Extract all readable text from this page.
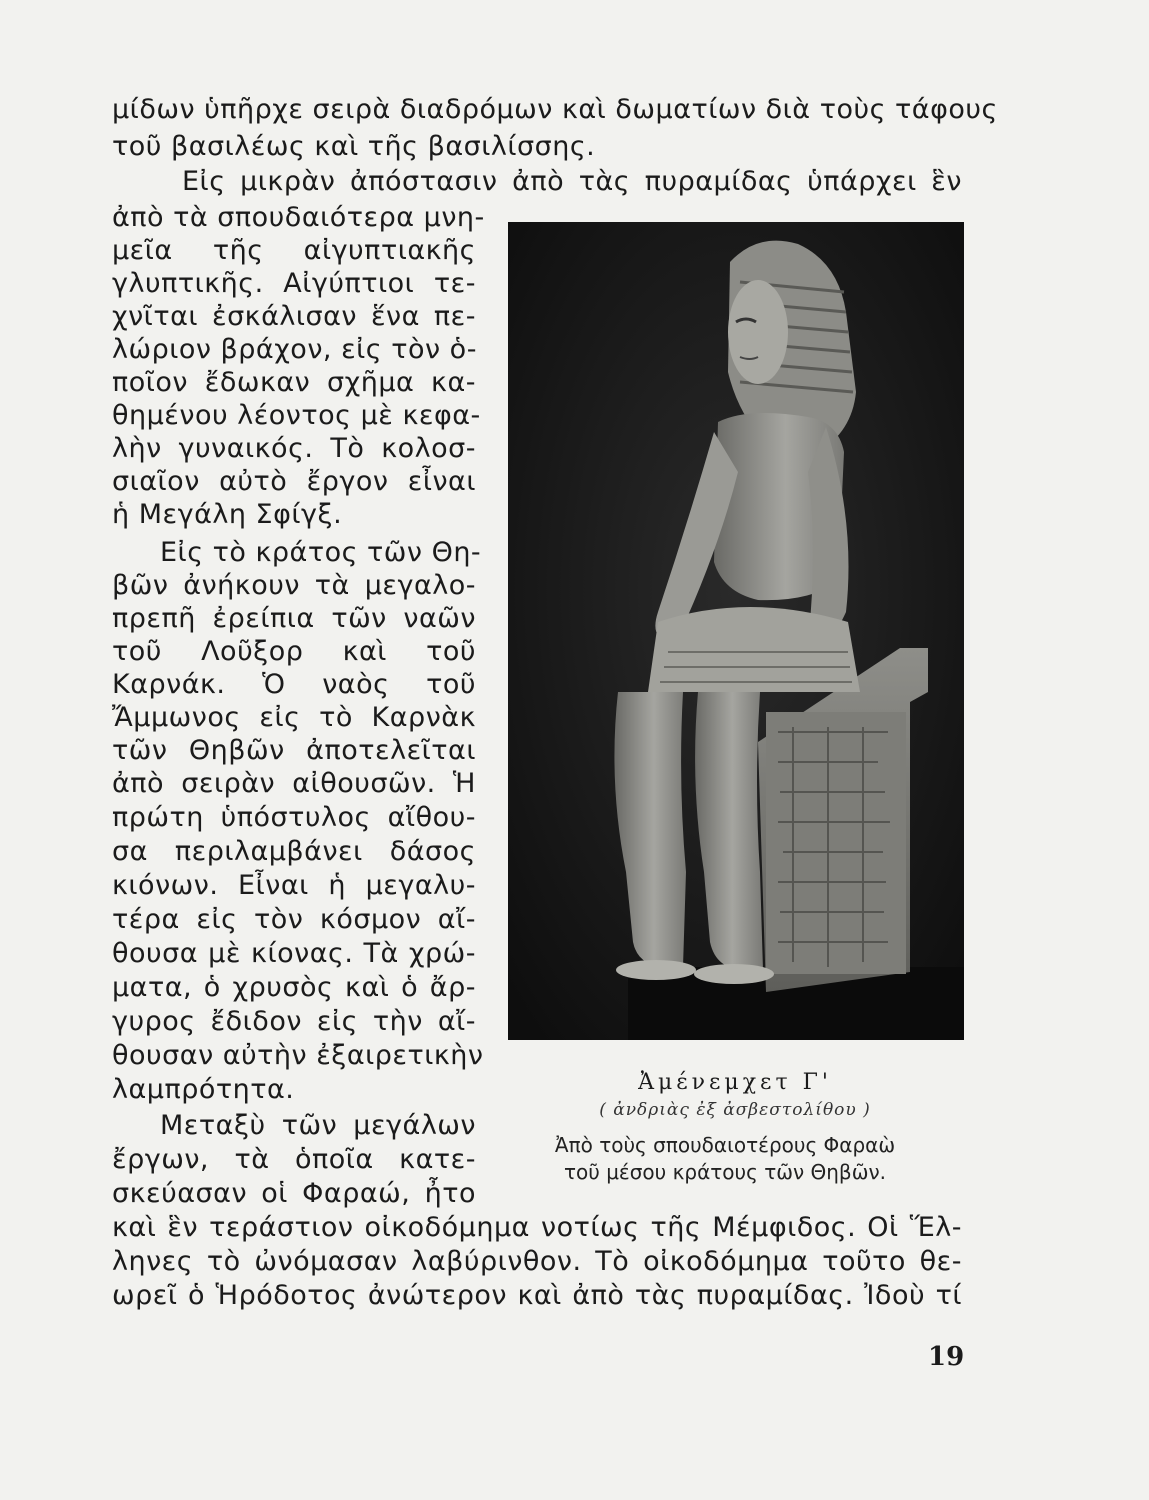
μίδων ὑπῆρχε σειρὰ διαδρόμων καὶ δωματίων διὰ τοὺς τάφους
τοῦ βασιλέως καὶ τῆς βασιλίσσης.
Εἰς μικρὰν ἀπόστασιν ἀπὸ τὰς πυραμίδας ὑπάρχει ἓν
ἀπὸ τὰ σπουδαιότερα μνη-
μεῖα τῆς αἰγυπτιακῆς
γλυπτικῆς. Αἰγύπτιοι τε-
χνῖται ἐσκάλισαν ἕνα πε-
λώριον βράχον, εἰς τὸν ὁ-
ποῖον ἔδωκαν σχῆμα κα-
θημένου λέοντος μὲ κεφα-
λὴν γυναικός. Τὸ κολοσ-
σιαῖον αὐτὸ ἔργον εἶναι
ἡ Μεγάλη Σφίγξ.
Εἰς τὸ κράτος τῶν Θη-
βῶν ἀνήκουν τὰ μεγαλο-
πρεπῆ ἐρείπια τῶν ναῶν
τοῦ Λοῦξορ καὶ τοῦ
Καρνάκ. Ὁ ναὸς τοῦ
Ἄμμωνος εἰς τὸ Καρνὰκ
τῶν Θηβῶν ἀποτελεῖται
ἀπὸ σειρὰν αἰθουσῶν. Ἡ
πρώτη ὑπόστυλος αἴθου-
σα περιλαμβάνει δάσος
κιόνων. Εἶναι ἡ μεγαλυ-
τέρα εἰς τὸν κόσμον αἴ-
θουσα μὲ κίονας. Τὰ χρώ-
ματα, ὁ χρυσὸς καὶ ὁ ἄρ-
γυρος ἔδιδον εἰς τὴν αἴ-
θουσαν αὐτὴν ἐξαιρετικὴν
λαμπρότητα.
Μεταξὺ τῶν μεγάλων
ἔργων, τὰ ὁποῖα κατε-
σκεύασαν οἱ Φαραώ, ἦτο
καὶ ἓν τεράστιον οἰκοδόμημα νοτίως τῆς Μέμφιδος. Οἱ Ἕλ-
ληνες τὸ ὠνόμασαν λαβύρινθον. Τὸ οἰκοδόμημα τοῦτο θε-
ωρεῖ ὁ Ἡρόδοτος ἀνώτερον καὶ ἀπὸ τὰς πυραμίδας. Ἰδοὺ τί
Ἀμένεμχετ Γ'
( ἀνδριὰς ἐξ ἀσβεστολίθου )
Ἀπὸ τοὺς σπουδαιοτέρους Φαραὼ
τοῦ μέσου κράτους τῶν Θηβῶν.
19
